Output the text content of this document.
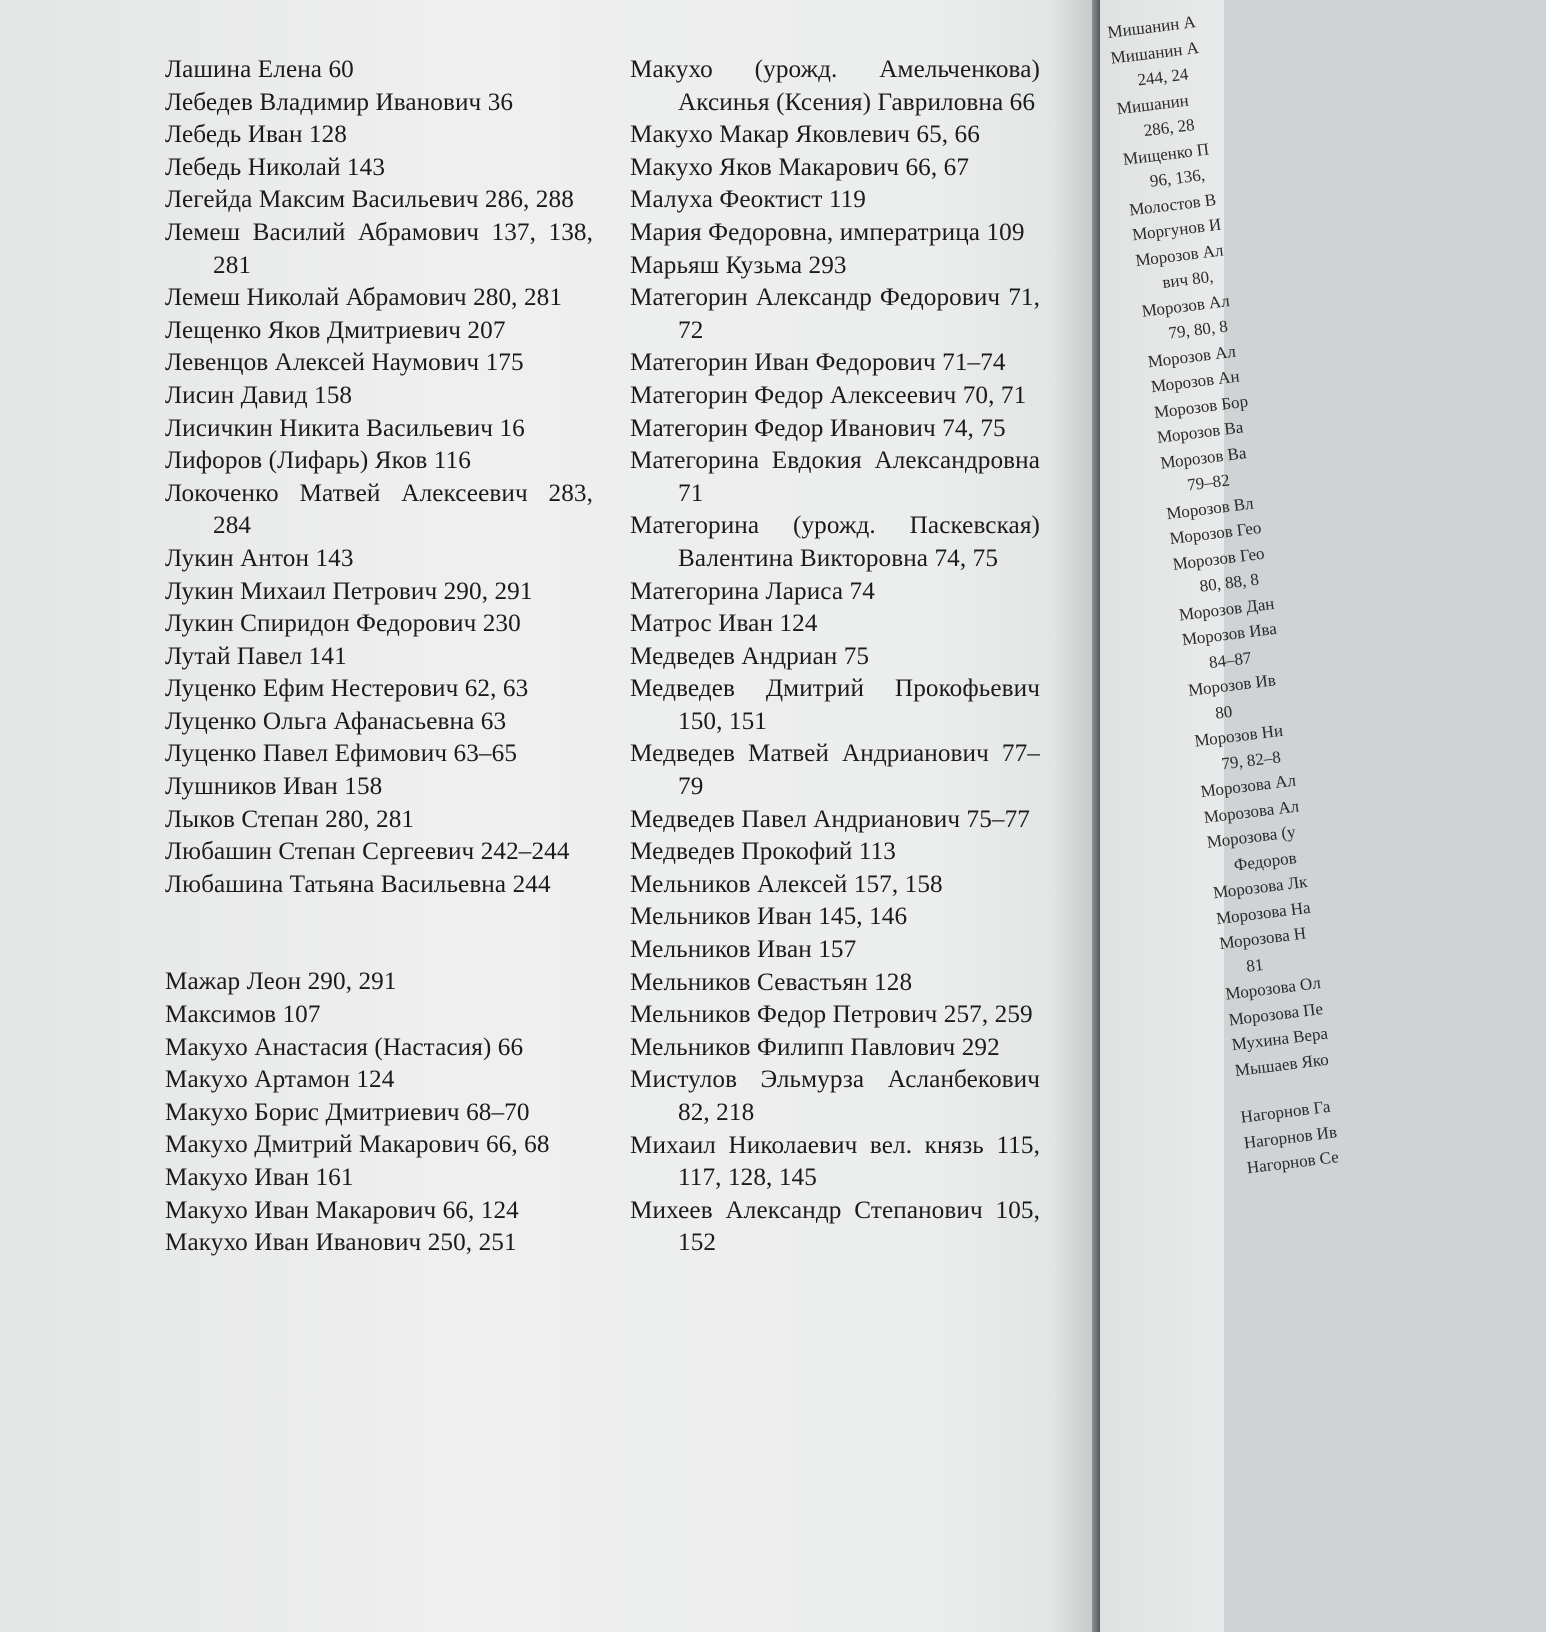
Лашина Елена 60
Лебедев Владимир Иванович 36
Лебедь Иван 128
Лебедь Николай 143
Легейда Максим Васильевич 286, 288
Лемеш Василий Абрамович 137, 138, 281
Лемеш Николай Абрамович 280, 281
Лещенко Яков Дмитриевич 207
Левенцов Алексей Наумович 175
Лисин Давид 158
Лисичкин Никита Васильевич 16
Лифоров (Лифарь) Яков 116
Локоченко Матвей Алексеевич 283, 284
Лукин Антон 143
Лукин Михаил Петрович 290, 291
Лукин Спиридон Федорович 230
Лутай Павел 141
Луценко Ефим Нестерович 62, 63
Луценко Ольга Афанасьевна 63
Луценко Павел Ефимович 63–65
Лушников Иван 158
Лыков Степан 280, 281
Любашин Степан Сергеевич 242–244
Любашина Татьяна Васильевна 244
Мажар Леон 290, 291
Максимов 107
Макухо Анастасия (Настасия) 66
Макухо Артамон 124
Макухо Борис Дмитриевич 68–70
Макухо Дмитрий Макарович 66, 68
Макухо Иван 161
Макухо Иван Макарович 66, 124
Макухо Иван Иванович 250, 251
Макухо (урожд. Амельченкова) Аксинья (Ксения) Гавриловна 66
Макухо Макар Яковлевич 65, 66
Макухо Яков Макарович 66, 67
Малуха Феоктист 119
Мария Федоровна, императрица 109
Марьяш Кузьма 293
Матегорин Александр Федорович 71, 72
Матегорин Иван Федорович 71–74
Матегорин Федор Алексеевич 70, 71
Матегорин Федор Иванович 74, 75
Матегорина Евдокия Александровна 71
Матегорина (урожд. Паскевская) Валентина Викторовна 74, 75
Матегорина Лариса 74
Матрос Иван 124
Медведев Андриан 75
Медведев Дмитрий Прокофьевич 150, 151
Медведев Матвей Андрианович 77–79
Медведев Павел Андрианович 75–77
Медведев Прокофий 113
Мельников Алексей 157, 158
Мельников Иван 145, 146
Мельников Иван 157
Мельников Севастьян 128
Мельников Федор Петрович 257, 259
Мельников Филипп Павлович 292
Мистулов Эльмурза Асланбекович 82, 218
Михаил Николаевич вел. князь 115, 117, 128, 145
Михеев Александр Степанович 105, 152
Мишанин А
Мишанин А
244, 24
Мишанин
286, 28
Мищенко П
96, 136,
Молостов В
Моргунов И
Морозов Ал
вич 80,
Морозов Ал
79, 80, 8
Морозов Ал
Морозов Ан
Морозов Бор
Морозов Ва
Морозов Ва
79–82
Морозов Вл
Морозов Гео
Морозов Гео
80, 88, 8
Морозов Дан
Морозов Ива
84–87
Морозов Ив
80
Морозов Ни
79, 82–8
Морозова Ал
Морозова Ал
Морозова (у
Федоров
Морозова Лк
Морозова На
Морозова Н
81
Морозова Ол
Морозова Пе
Мухина Вера
Мышаев Яко
Нагорнов Га
Нагорнов Ив
Нагорнов Се
